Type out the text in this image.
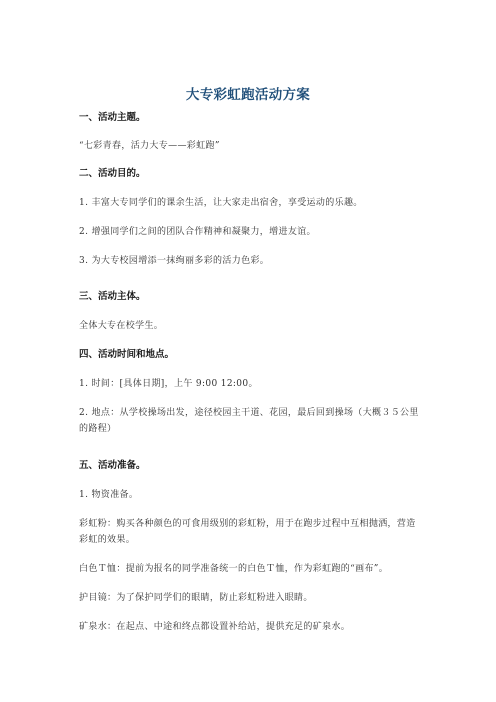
大专彩虹跑活动方案
一、活动主题。
“七彩青春，活力大专——彩虹跑”
二、活动目的。
1. 丰富大专同学们的课余生活，让大家走出宿舍，享受运动的乐趣。
2. 增强同学们之间的团队合作精神和凝聚力，增进友谊。
3. 为大专校园增添一抹绚丽多彩的活力色彩。
三、活动主体。
全体大专在校学生。
四、活动时间和地点。
1. 时间：[具体日期]，上午 9:00 12:00。
2. 地点：从学校操场出发，途径校园主干道、花园，最后回到操场（大概３５公里的路程）
五、活动准备。
1. 物资准备。
彩虹粉：购买各种颜色的可食用级别的彩虹粉，用于在跑步过程中互相抛洒，营造彩虹的效果。
白色Ｔ恤：提前为报名的同学准备统一的白色Ｔ恤，作为彩虹跑的“画布”。
护目镜：为了保护同学们的眼睛，防止彩虹粉进入眼睛。
矿泉水：在起点、中途和终点都设置补给站，提供充足的矿泉水。
